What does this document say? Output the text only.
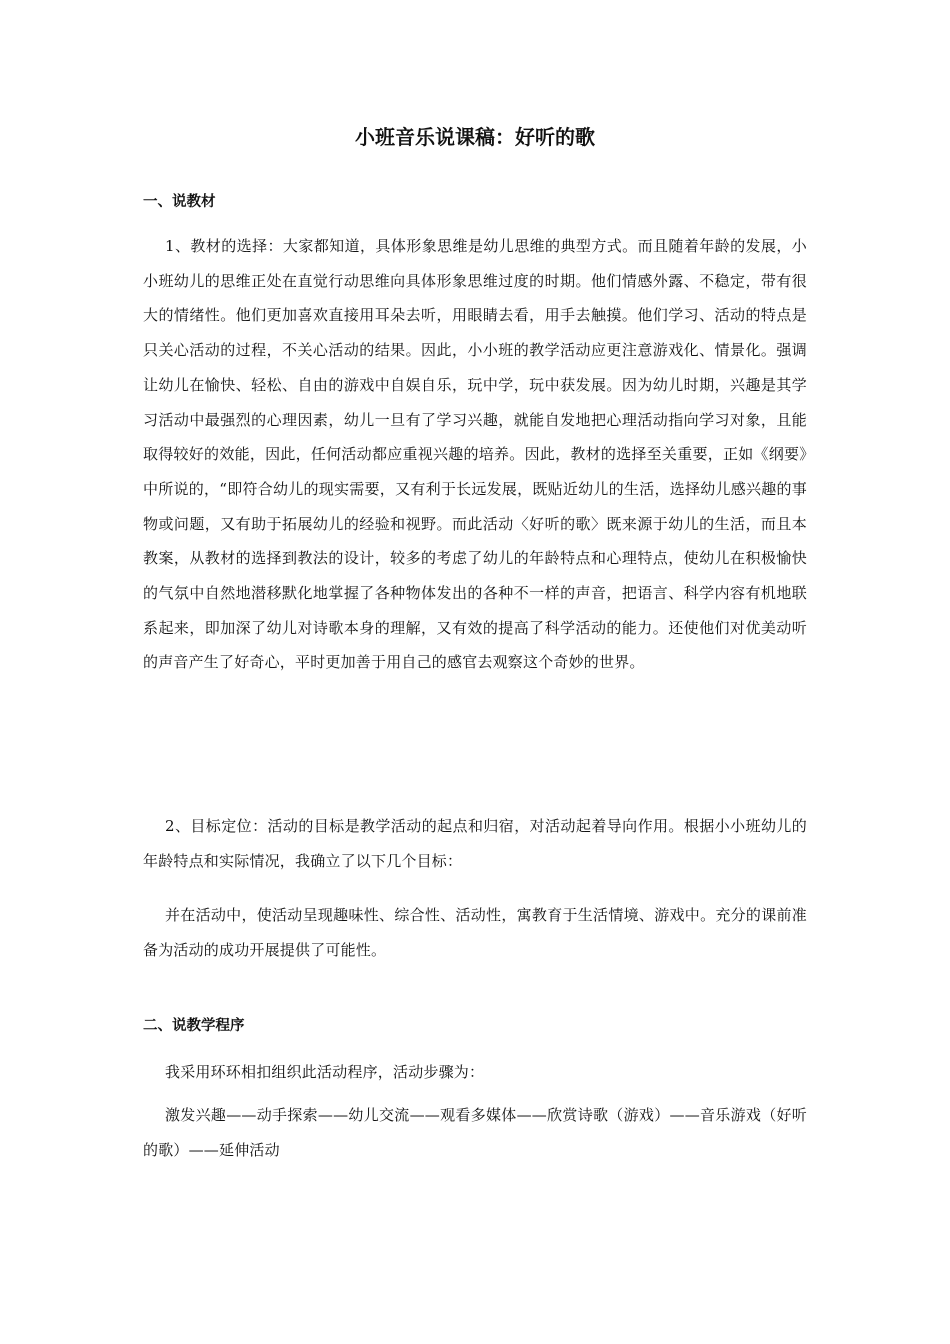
小班音乐说课稿：好听的歌
一、说教材

1、教材的选择：大家都知道，具体形象思维是幼儿思维的典型方式。而且随着年龄的发展，小小班幼儿的思维正处在直觉行动思维向具体形象思维过度的时期。他们情感外露、不稳定，带有很大的情绪性。他们更加喜欢直接用耳朵去听，用眼睛去看，用手去触摸。他们学习、活动的特点是只关心活动的过程，不关心活动的结果。因此，小小班的教学活动应更注意游戏化、情景化。强调让幼儿在愉快、轻松、自由的游戏中自娱自乐，玩中学，玩中获发展。因为幼儿时期，兴趣是其学习活动中最强烈的心理因素，幼儿一旦有了学习兴趣，就能自发地把心理活动指向学习对象，且能取得较好的效能，因此，任何活动都应重视兴趣的培养。因此，教材的选择至关重要，正如《纲要》中所说的，“即符合幼儿的现实需要，又有利于长远发展，既贴近幼儿的生活，选择幼儿感兴趣的事物或问题，又有助于拓展幼儿的经验和视野。而此活动〈好听的歌〉既来源于幼儿的生活，而且本教案，从教材的选择到教法的设计，较多的考虑了幼儿的年龄特点和心理特点，使幼儿在积极愉快的气氛中自然地潜移默化地掌握了各种物体发出的各种不一样的声音，把语言、科学内容有机地联系起来，即加深了幼儿对诗歌本身的理解，又有效的提高了科学活动的能力。还使他们对优美动听的声音产生了好奇心，平时更加善于用自己的感官去观察这个奇妙的世界。

2、目标定位：活动的目标是教学活动的起点和归宿，对活动起着导向作用。根据小小班幼儿的年龄特点和实际情况，我确立了以下几个目标：

并在活动中，使活动呈现趣味性、综合性、活动性，寓教育于生活情境、游戏中。充分的课前准备为活动的成功开展提供了可能性。

二、说教学程序

我采用环环相扣组织此活动程序，活动步骤为：

激发兴趣——动手探索——幼儿交流——观看多媒体——欣赏诗歌（游戏）——音乐游戏（好听的歌）——延伸活动
